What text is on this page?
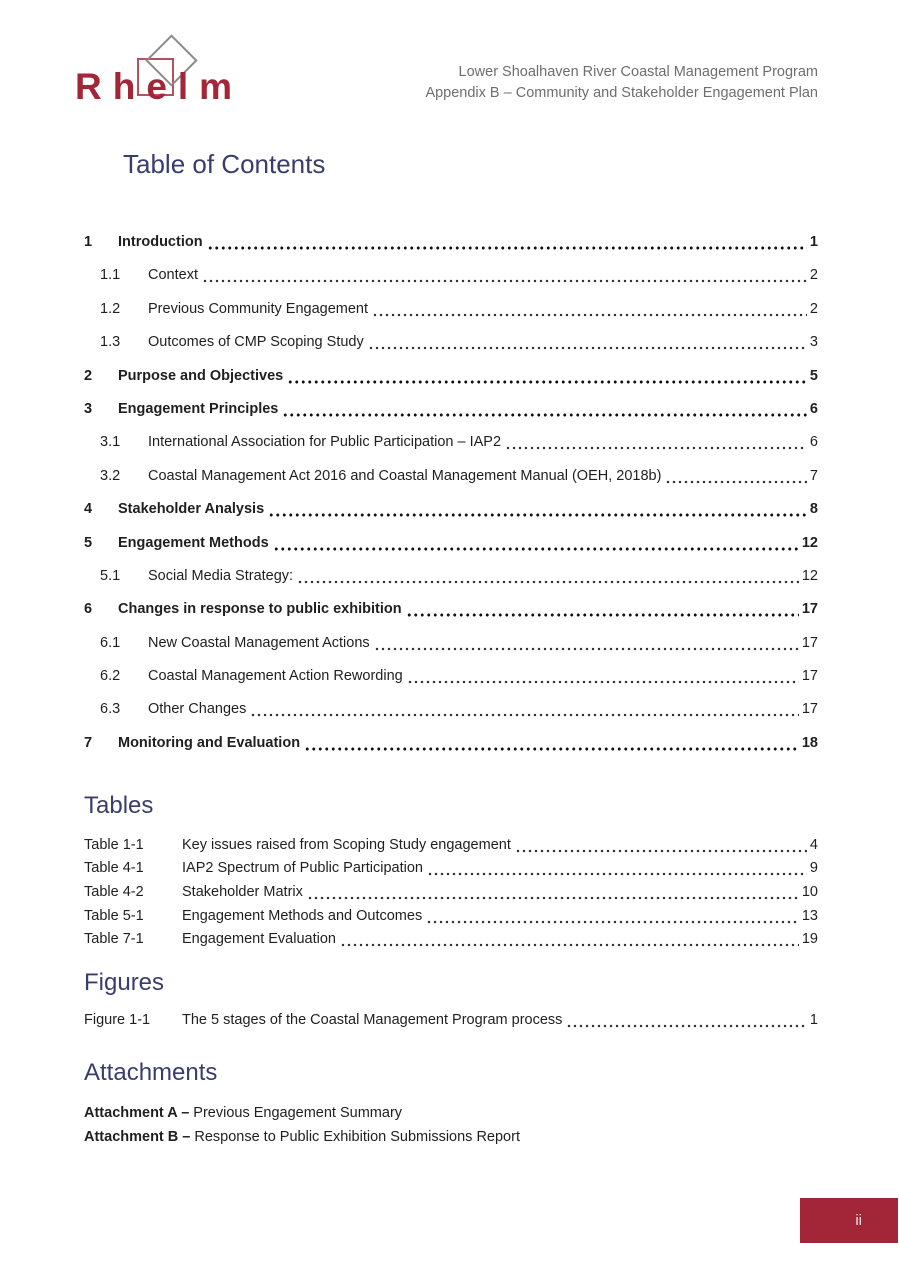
Rhelm	Lower Shoalhaven River Coastal Management Program
Appendix B – Community and Stakeholder Engagement Plan
Table of Contents
1	Introduction	1
1.1	Context	2
1.2	Previous Community Engagement	2
1.3	Outcomes of CMP Scoping Study	3
2	Purpose and Objectives	5
3	Engagement Principles	6
3.1	International Association for Public Participation – IAP2	6
3.2	Coastal Management Act 2016 and Coastal Management Manual (OEH, 2018b)	7
4	Stakeholder Analysis	8
5	Engagement Methods	12
5.1	Social Media Strategy:	12
6	Changes in response to public exhibition	17
6.1	New Coastal Management Actions	17
6.2	Coastal Management Action Rewording	17
6.3	Other Changes	17
7	Monitoring and Evaluation	18
Tables
Table 1-1	Key issues raised from Scoping Study engagement	4
Table 4-1	IAP2 Spectrum of Public Participation	9
Table 4-2	Stakeholder Matrix	10
Table 5-1	Engagement Methods and Outcomes	13
Table 7-1	Engagement Evaluation	19
Figures
Figure 1-1	The 5 stages of the Coastal Management Program process	1
Attachments
Attachment A – Previous Engagement Summary
Attachment B – Response to Public Exhibition Submissions Report
ii
